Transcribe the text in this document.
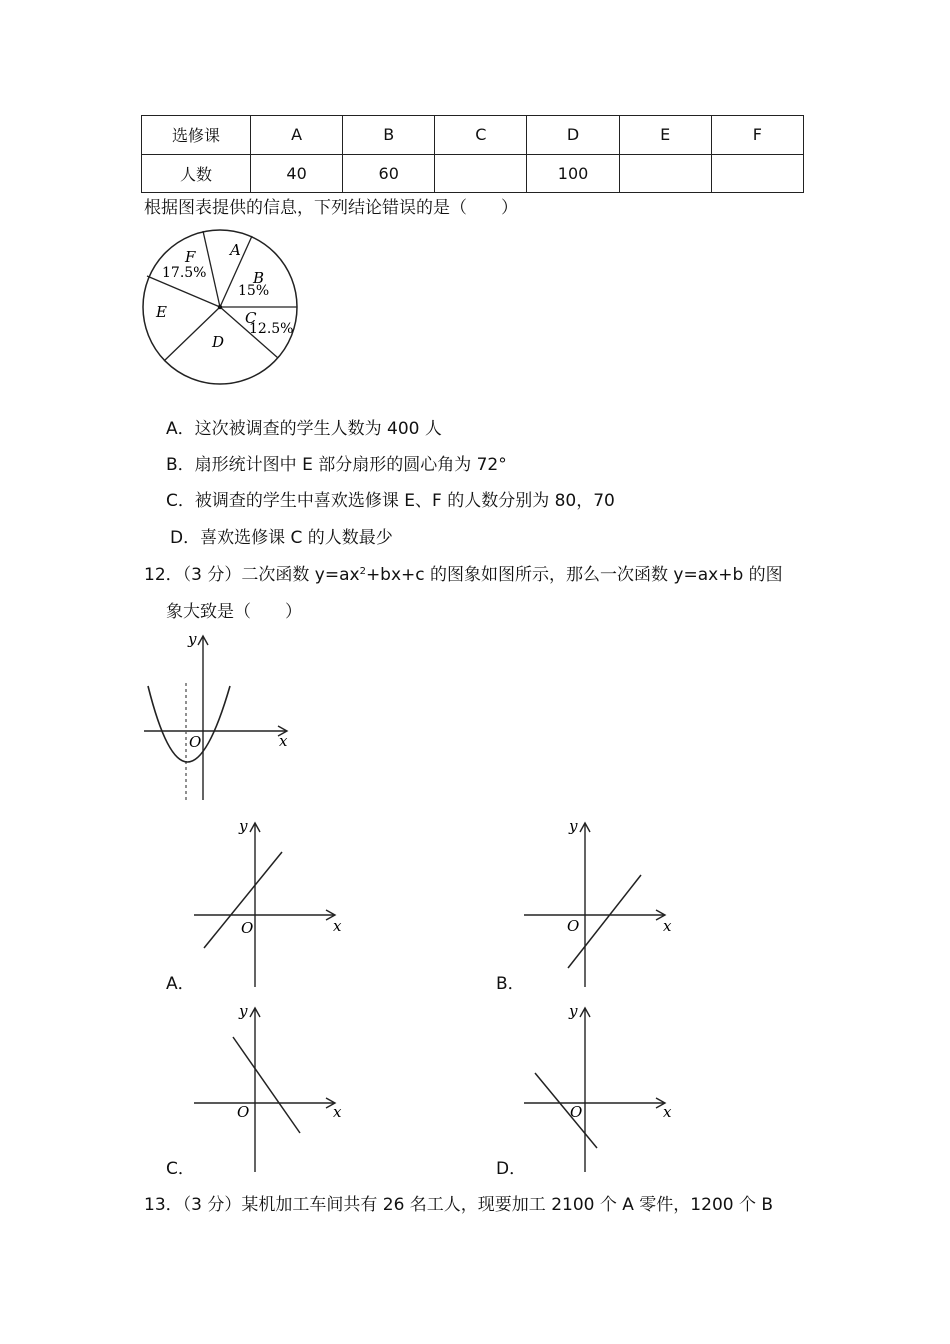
选修课	A	B	C	D	E	F
人数	40	60		100		
根据图表提供的信息，下列结论错误的是（　　）
A
B
15%
C
12.5%
D
E
F
17.5%
A．这次被调查的学生人数为 400 人
B．扇形统计图中 E 部分扇形的圆心角为 72°
C．被调查的学生中喜欢选修课 E、F 的人数分别为 80，70
D．喜欢选修课 C 的人数最少
12．（3 分）二次函数 $y=ax^2+bx+c$ 的图象如图所示，那么一次函数 y=ax+b 的图
象大致是（　　）
x
y
O
x
y
O
A．
x
y
O
B．
x
y
O
C．
x
y
O
D．
13．（3 分）某机加工车间共有 26 名工人，现要加工 2100 个 A 零件，1200 个 B
